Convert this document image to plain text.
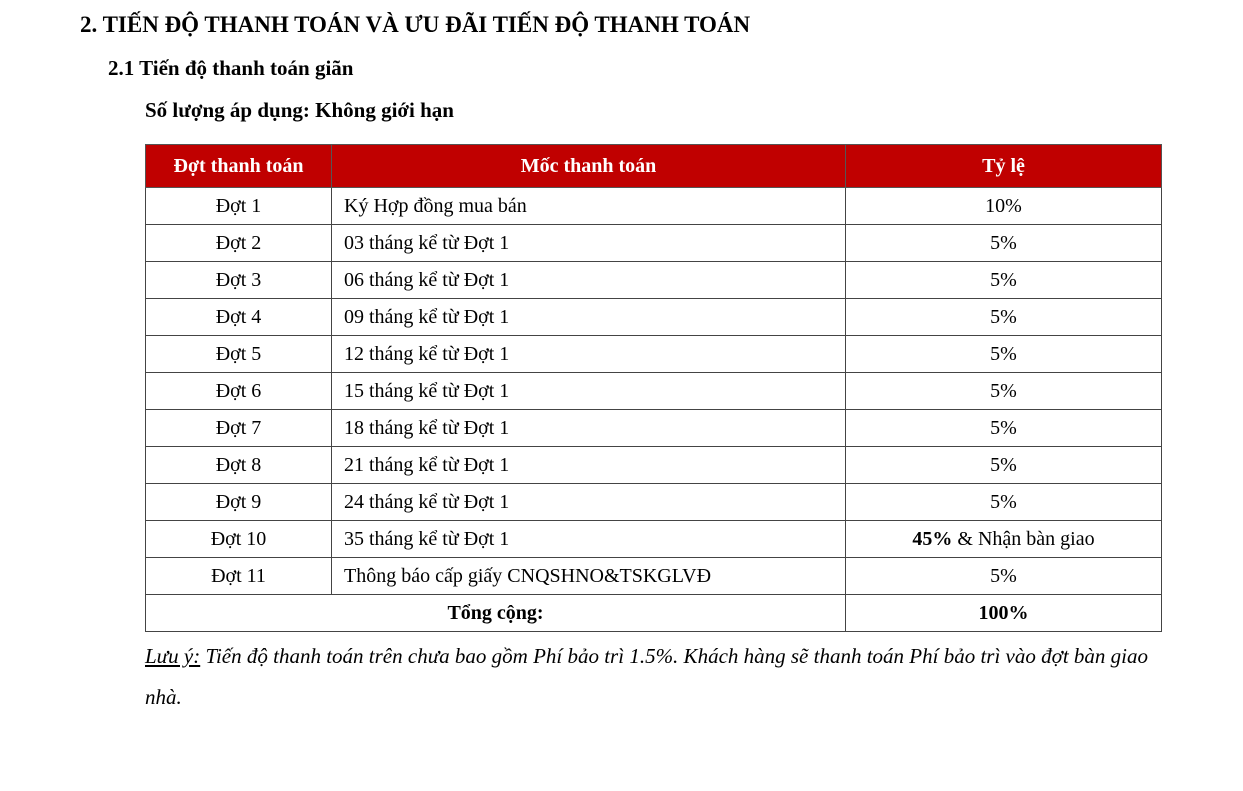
2. TIẾN ĐỘ THANH TOÁN VÀ ƯU ĐÃI TIẾN ĐỘ THANH TOÁN
2.1 Tiến độ thanh toán giãn
Số lượng áp dụng: Không giới hạn
Đợt thanh toán	Mốc thanh toán	Tỷ lệ
Đợt 1	Ký Hợp đồng mua bán	10%
Đợt 2	03 tháng kể từ Đợt 1	5%
Đợt 3	06 tháng kể từ Đợt 1	5%
Đợt 4	09 tháng kể từ Đợt 1	5%
Đợt 5	12 tháng kể từ Đợt 1	5%
Đợt 6	15 tháng kể từ Đợt 1	5%
Đợt 7	18 tháng kể từ Đợt 1	5%
Đợt 8	21 tháng kể từ Đợt 1	5%
Đợt 9	24 tháng kể từ Đợt 1	5%
Đợt 10	35 tháng kể từ Đợt 1	45% & Nhận bàn giao
Đợt 11	Thông báo cấp giấy CNQSHNO&TSKGLVĐ	5%
Tổng cộng:		100%
Lưu ý: Tiến độ thanh toán trên chưa bao gồm Phí bảo trì 1.5%. Khách hàng sẽ thanh toán Phí bảo trì vào đợt bàn giao nhà.
